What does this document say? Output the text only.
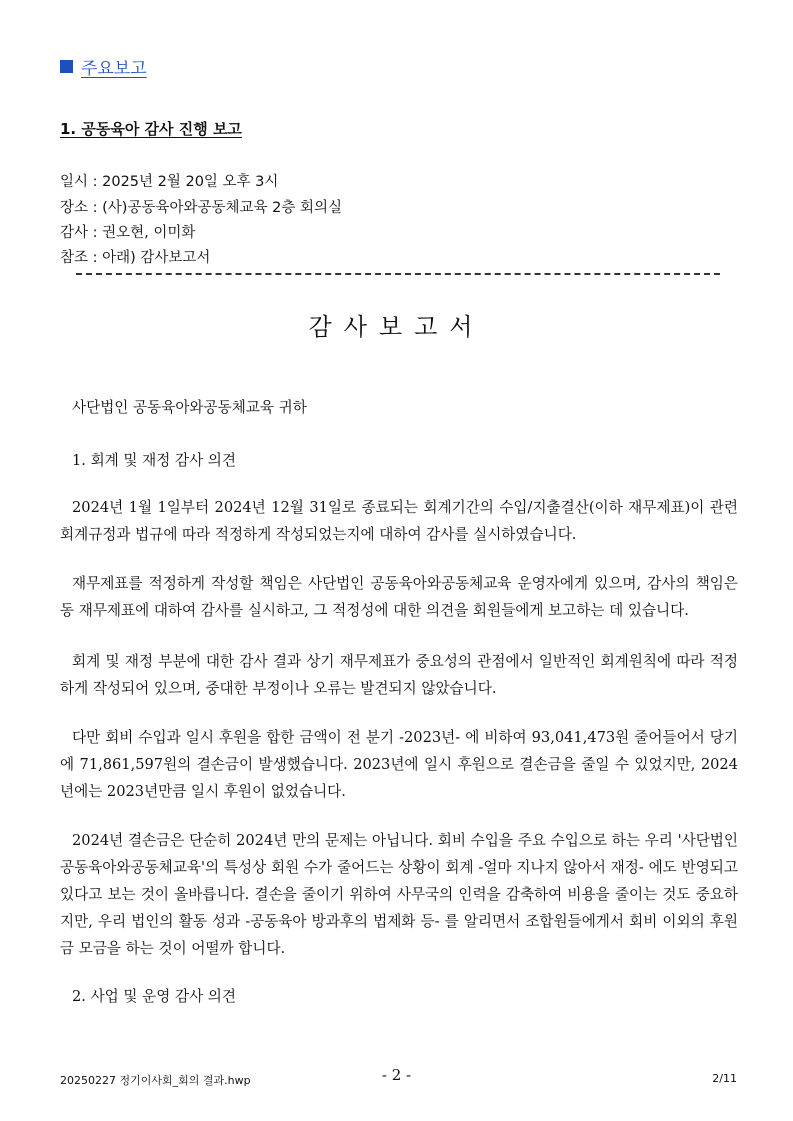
주요보고
1. 공동육아 감사 진행 보고
일시 : 2025년 2월 20일 오후 3시
장소 : (사)공동육아와공동체교육 2층 회의실
감사 : 권오현, 이미화
참조 : 아래) 감사보고서
감사보고서
사단법인 공동육아와공동체교육 귀하
1. 회계 및 재정 감사 의견
2024년 1월 1일부터 2024년 12월 31일로 종료되는 회계기간의 수입/지출결산(이하 재무제표)이 관련 회계규정과 법규에 따라 적정하게 작성되었는지에 대하여 감사를 실시하였습니다.
재무제표를 적정하게 작성할 책임은 사단법인 공동육아와공동체교육 운영자에게 있으며, 감사의 책임은 동 재무제표에 대하여 감사를 실시하고, 그 적정성에 대한 의견을 회원들에게 보고하는 데 있습니다.
회계 및 재정 부분에 대한 감사 결과 상기 재무제표가 중요성의 관점에서 일반적인 회계원칙에 따라 적정하게 작성되어 있으며, 중대한 부정이나 오류는 발견되지 않았습니다.
다만 회비 수입과 일시 후원을 합한 금액이 전 분기 -2023년- 에 비하여 93,041,473원 줄어들어서 당기에 71,861,597원의 결손금이 발생했습니다. 2023년에 일시 후원으로 결손금을 줄일 수 있었지만, 2024년에는 2023년만큼 일시 후원이 없었습니다.
2024년 결손금은 단순히 2024년 만의 문제는 아닙니다. 회비 수입을 주요 수입으로 하는 우리 '사단법인 공동육아와공동체교육'의 특성상 회원 수가 줄어드는 상황이 회계 -얼마 지나지 않아서 재정- 에도 반영되고 있다고 보는 것이 올바릅니다. 결손을 줄이기 위하여 사무국의 인력을 감축하여 비용을 줄이는 것도 중요하지만, 우리 법인의 활동 성과 -공동육아 방과후의 법제화 등- 를 알리면서 조합원들에게서 회비 이외의 후원금 모금을 하는 것이 어떨까 합니다.
2. 사업 및 운영 감사 의견
20250227 정기이사회_회의 결과.hwp	- 2 -	2/11
